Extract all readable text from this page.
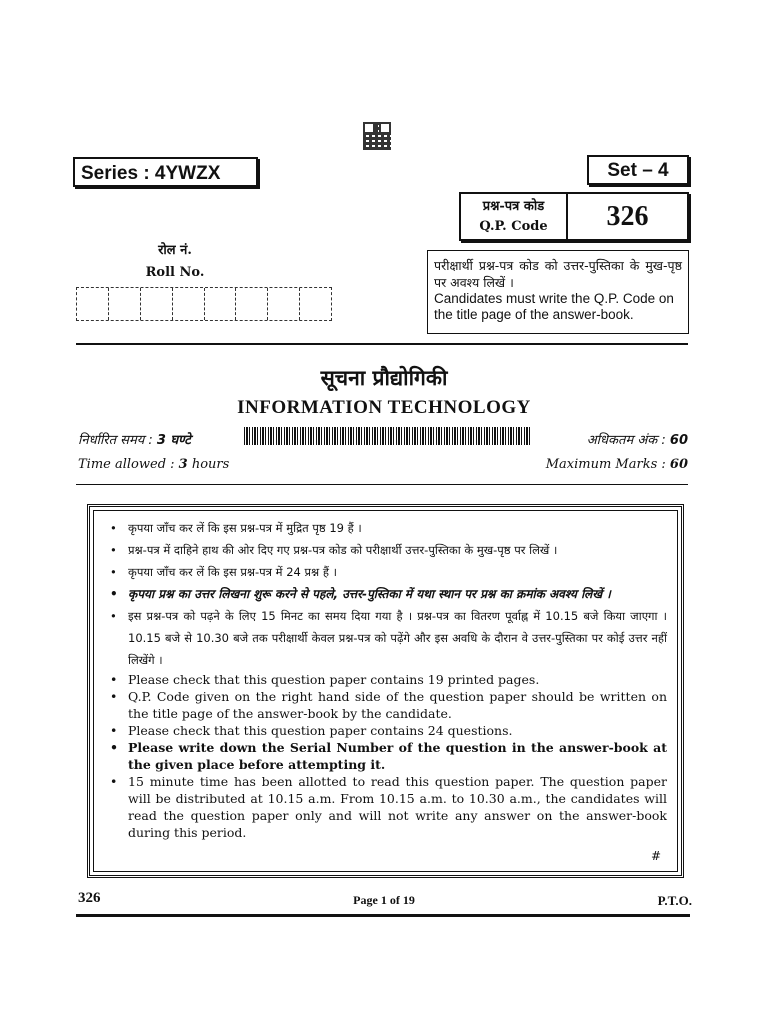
Series : 4YWZX	Set – 4
प्रश्न-पत्र कोड
Q.P. Code	326
रोल नं.
Roll No.	परीक्षार्थी प्रश्न-पत्र कोड को उत्तर-पुस्तिका के मुख-पृष्ठ पर अवश्य लिखें ।
Candidates must write the Q.P. Code on the title page of the answer-book.
सूचना प्रौद्योगिकी
INFORMATION TECHNOLOGY
निर्धारित समय : 3 घण्टे	अधिकतम अंक : 60
Time allowed : 3 hours	Maximum Marks : 60
• कृपया जाँच कर लें कि इस प्रश्न-पत्र में मुद्रित पृष्ठ 19 हैं ।
• प्रश्न-पत्र में दाहिने हाथ की ओर दिए गए प्रश्न-पत्र कोड को परीक्षार्थी उत्तर-पुस्तिका के मुख-पृष्ठ पर लिखें ।
• कृपया जाँच कर लें कि इस प्रश्न-पत्र में 24 प्रश्न हैं ।
• कृपया प्रश्न का उत्तर लिखना शुरू करने से पहले, उत्तर-पुस्तिका में यथा स्थान पर प्रश्न का क्रमांक अवश्य लिखें ।
• इस प्रश्न-पत्र को पढ़ने के लिए 15 मिनट का समय दिया गया है । प्रश्न-पत्र का वितरण पूर्वाह्न में 10.15 बजे किया जाएगा । 10.15 बजे से 10.30 बजे तक परीक्षार्थी केवल प्रश्न-पत्र को पढ़ेंगे और इस अवधि के दौरान वे उत्तर-पुस्तिका पर कोई उत्तर नहीं लिखेंगे ।
• Please check that this question paper contains 19 printed pages.
• Q.P. Code given on the right hand side of the question paper should be written on the title page of the answer-book by the candidate.
• Please check that this question paper contains 24 questions.
• Please write down the Serial Number of the question in the answer-book at the given place before attempting it.
• 15 minute time has been allotted to read this question paper. The question paper will be distributed at 10.15 a.m. From 10.15 a.m. to 10.30 a.m., the candidates will read the question paper only and will not write any answer on the answer-book during this period.
#
326	Page 1 of 19	P.T.O.
